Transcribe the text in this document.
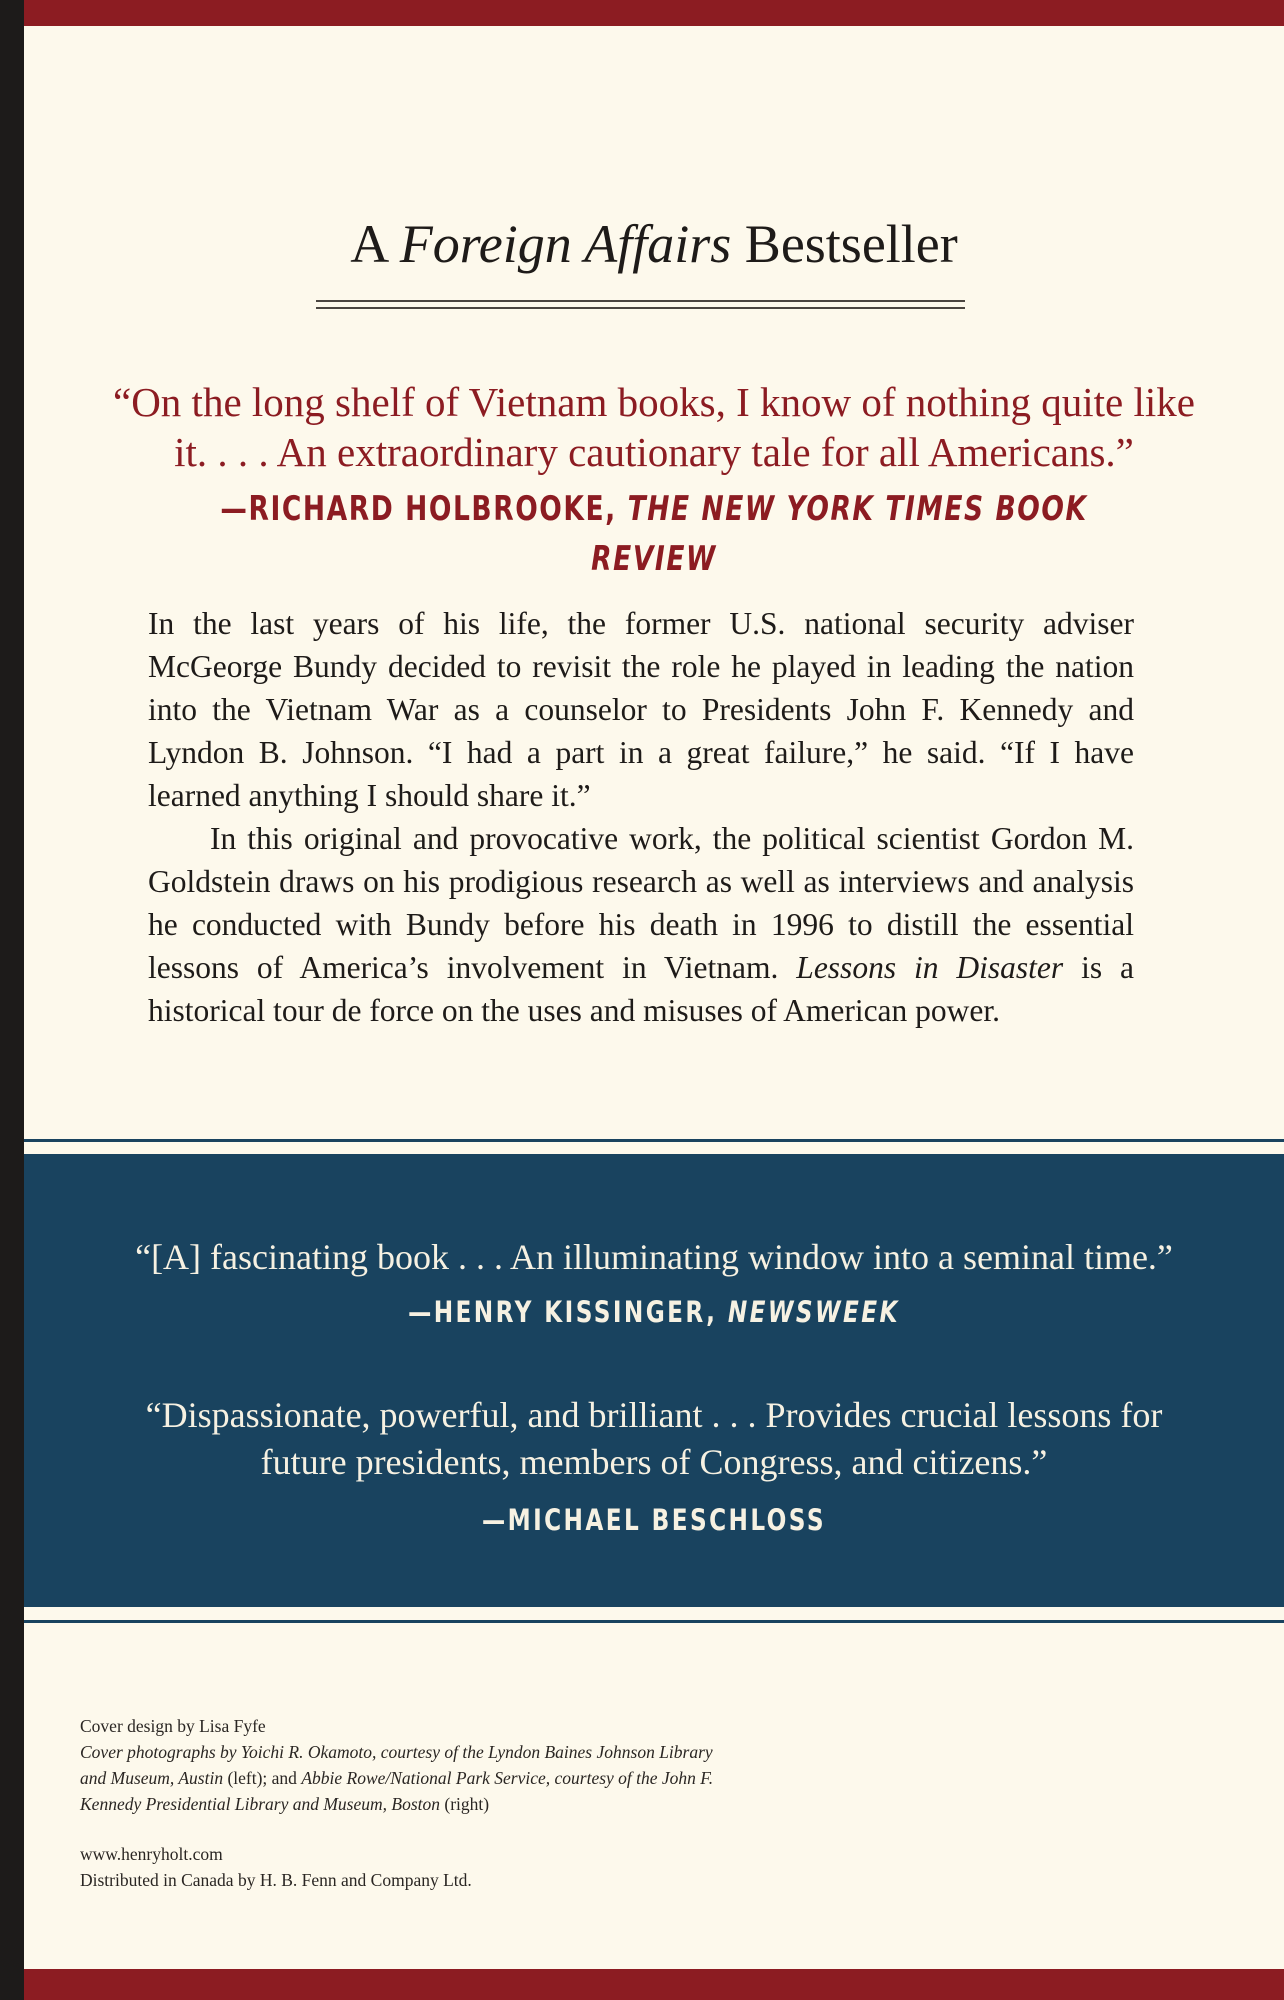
A Foreign Affairs Bestseller
“On the long shelf of Vietnam books, I know of nothing quite like
it. . . . An extraordinary cautionary tale for all Americans.”
—RICHARD HOLBROOKE, THE NEW YORK TIMES BOOK REVIEW

In the last years of his life, the former U.S. national security adviser McGeorge Bundy decided to revisit the role he played in leading the nation into the Vietnam War as a counselor to Presidents John F. Kennedy and Lyndon B. Johnson. “I had a part in a great failure,” he said. “If I have learned anything I should share it.”

In this original and provocative work, the political scientist Gordon M. Goldstein draws on his prodigious research as well as interviews and analysis he conducted with Bundy before his death in 1996 to distill the essential lessons of America’s involvement in Vietnam. Lessons in Disaster is a historical tour de force on the uses and misuses of American power.

“[A] fascinating book . . . An illuminating window into a seminal time.”
—HENRY KISSINGER, NEWSWEEK
“Dispassionate, powerful, and brilliant . . . Provides crucial lessons for
future presidents, members of Congress, and citizens.”
—MICHAEL BESCHLOSS

Cover design by Lisa Fyfe

Cover photographs by Yoichi R. Okamoto, courtesy of the Lyndon Baines Johnson Library

and Museum, Austin (left); and Abbie Rowe/National Park Service, courtesy of the John F.

Kennedy Presidential Library and Museum, Boston (right)

www.henryholt.com

Distributed in Canada by H. B. Fenn and Company Ltd.
